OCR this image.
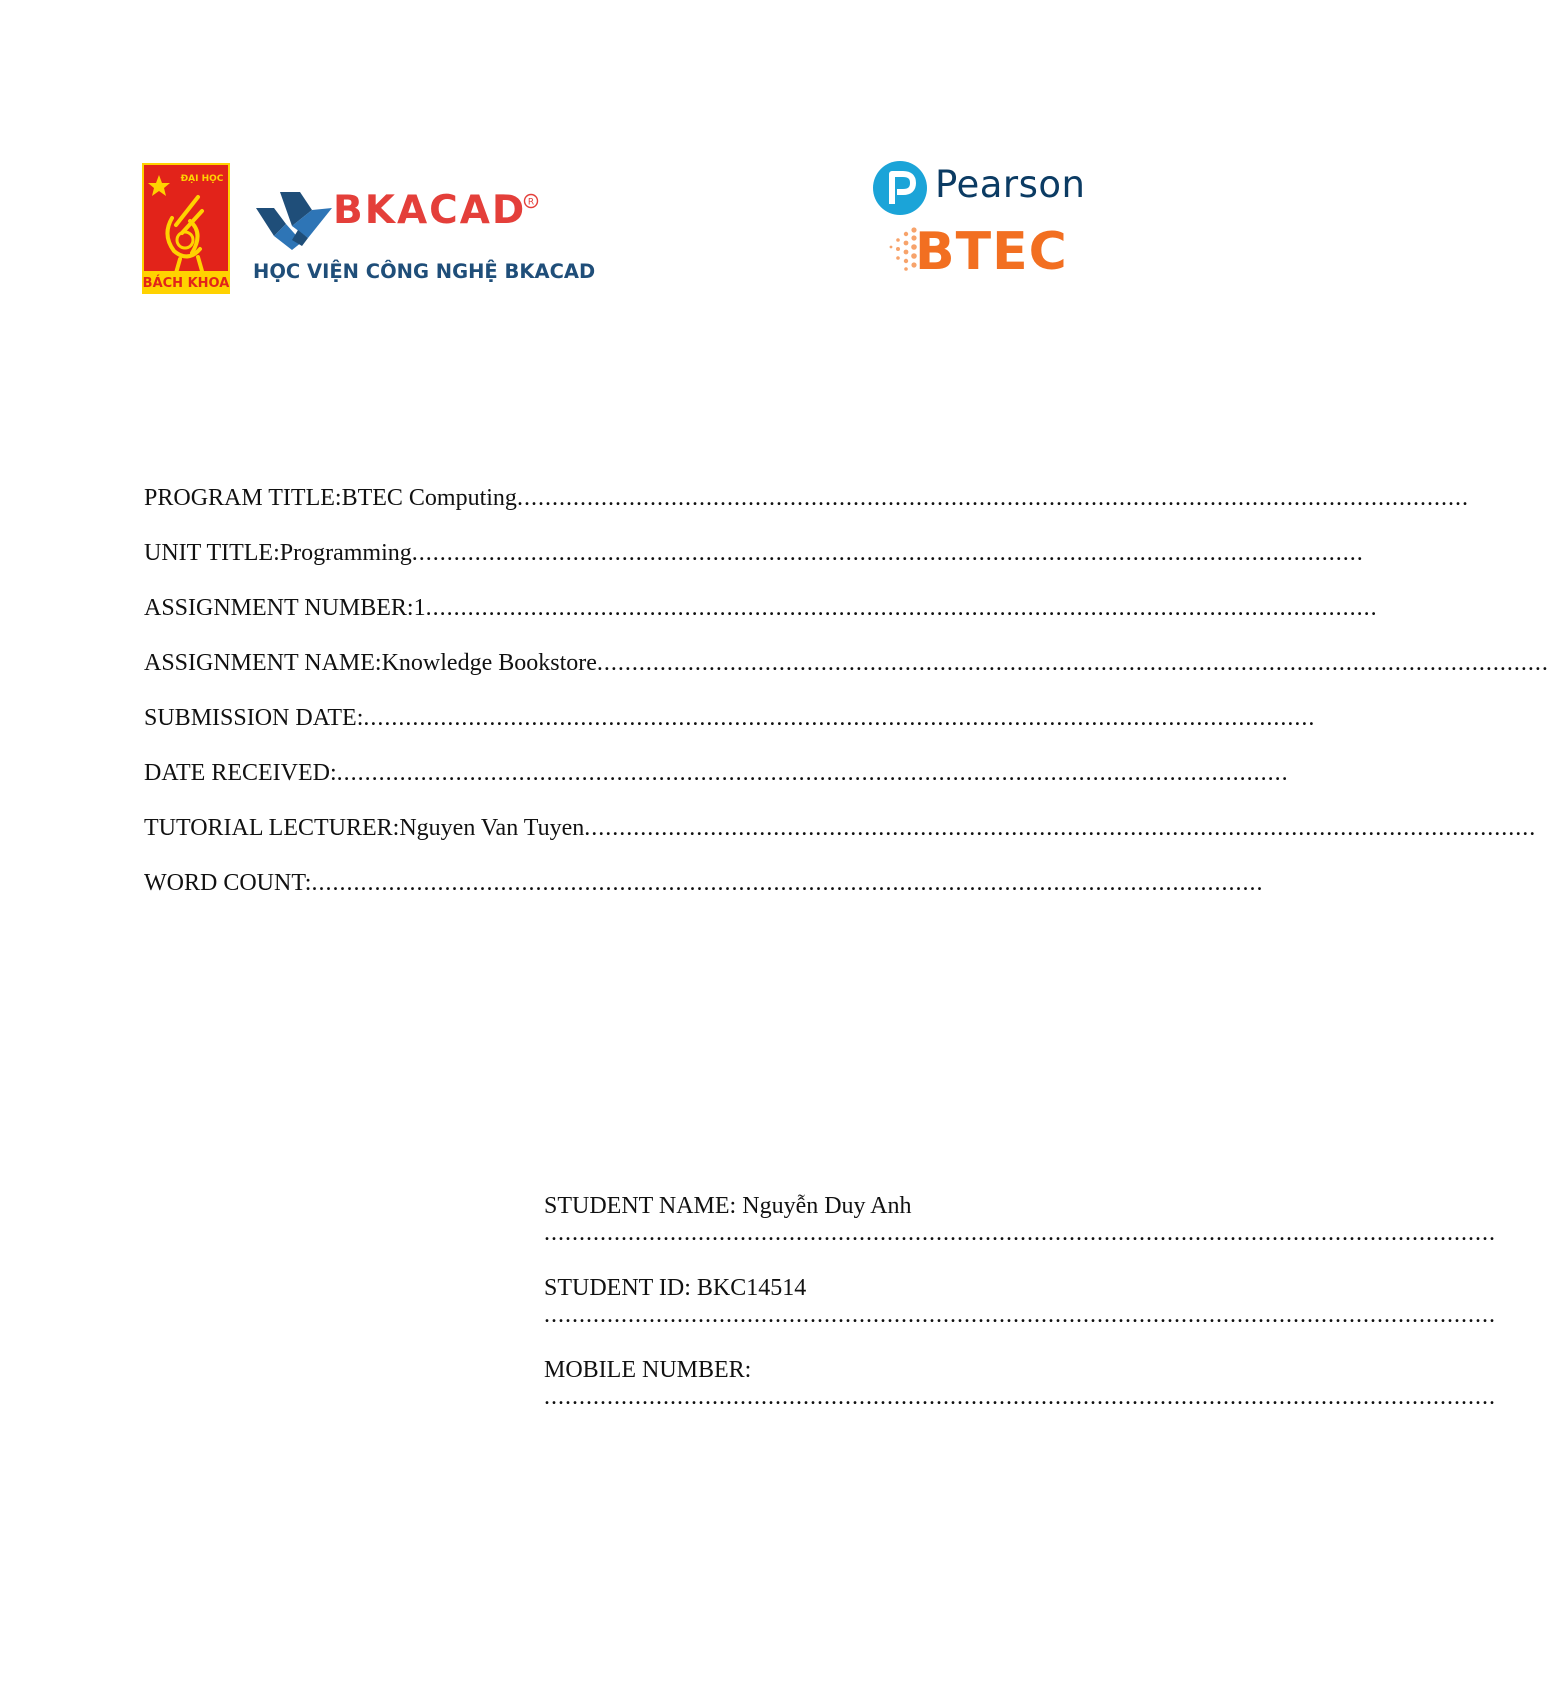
ĐẠI HỌC
BÁCH KHOA
BKACAD R
HỌC VIỆN CÔNG NGHỆ BKACAD
Pearson
BTEC
PROGRAM TITLE: BTEC Computing ........................................................................................................................................
UNIT TITLE: Programming ........................................................................................................................................
ASSIGNMENT NUMBER: 1 ........................................................................................................................................
ASSIGNMENT NAME: Knowledge Bookstore ........................................................................................................................................
SUBMISSION DATE: ........................................................................................................................................
DATE RECEIVED: ........................................................................................................................................
TUTORIAL LECTURER: Nguyen Van Tuyen ........................................................................................................................................
WORD COUNT: ........................................................................................................................................
STUDENT NAME: Nguyễn Duy Anh
........................................................................................................................................
STUDENT ID: BKC14514
........................................................................................................................................
MOBILE NUMBER:
........................................................................................................................................
